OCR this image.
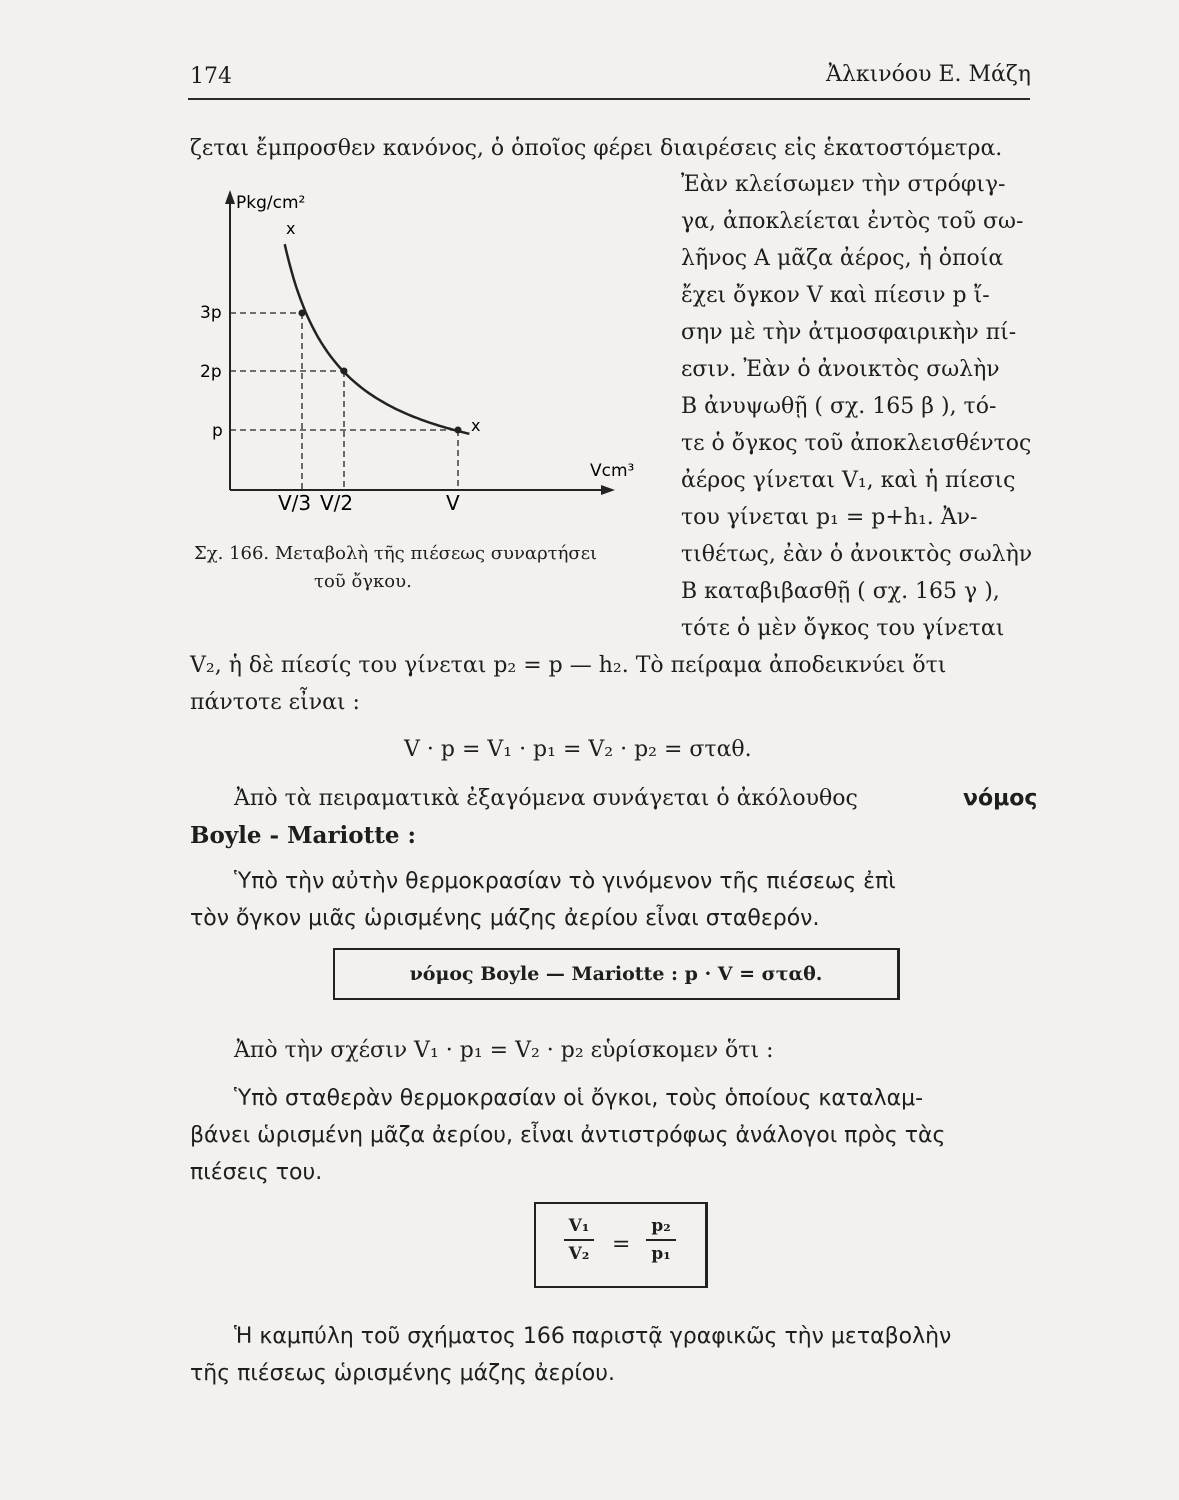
174	Ἀλκινόου Ε. Μάζη
ζεται ἔμπροσθεν κανόνος, ὁ ὁποῖος φέρει διαιρέσεις εἰς ἑκατοστόμετρα.
Ἐὰν κλείσωμεν τὴν στρόφιγ-
γα, ἀποκλείεται ἐντὸς τοῦ σω-
λῆνος Α μᾶζα ἀέρος, ἡ ὁποία
ἔχει ὄγκον V καὶ πίεσιν p ἴ-
σην μὲ τὴν ἀτμοσφαιρικὴν πί-
εσιν. Ἐὰν ὁ ἀνοικτὸς σωλὴν
Β ἀνυψωθῇ ( σχ. 165 β ), τό-
τε ὁ ὄγκος τοῦ ἀποκλεισθέντος
ἀέρος γίνεται V₁, καὶ ἡ πίεσις
του γίνεται p₁ = p+h₁. Ἀν-
τιθέτως, ἐὰν ὁ ἀνοικτὸς σωλὴν
Β καταβιβασθῇ ( σχ. 165 γ ),
τότε ὁ μὲν ὄγκος του γίνεται
V₂, ἡ δὲ πίεσίς του γίνεται p₂ = p — h₂. Τὸ πείραμα ἀποδεικνύει ὅτι
πάντοτε εἶναι :
V · p = V₁ · p₁ = V₂ · p₂ = σταθ.
Ἀπὸ τὰ πειραματικὰ ἐξαγόμενα συνάγεται ὁ ἀκόλουθος	νόμος
Boyle - Mariotte :
Ὑπὸ τὴν αὐτὴν θερμοκρασίαν τὸ γινόμενον τῆς πιέσεως ἐπὶ
τὸν ὄγκον μιᾶς ὡρισμένης μάζης ἀερίου εἶναι σταθερόν.
Ἀπὸ τὴν σχέσιν V₁ · p₁ = V₂ · p₂ εὑρίσκομεν ὅτι :
Ὑπὸ σταθερὰν θερμοκρασίαν οἱ ὄγκοι, τοὺς ὁποίους καταλαμ-
βάνει ὡρισμένη μᾶζα ἀερίου, εἶναι ἀντιστρόφως ἀνάλογοι πρὸς τὰς
πιέσεις του.
Ἡ καμπύλη τοῦ σχήματος 166 παριστᾷ γραφικῶς τὴν μεταβολὴν
τῆς πιέσεως ὡρισμένης μάζης ἀερίου.
νόμος Boyle — Mariotte : p · V = σταθ.
V₁
V₂ =
p₂
p₁
Pkg/cm²
Vcm³
3p
2p
p
V/3 V/2	V
x
x
Σχ. 166. Μεταβολὴ τῆς πιέσεως συναρτήσει
τοῦ ὄγκου.
